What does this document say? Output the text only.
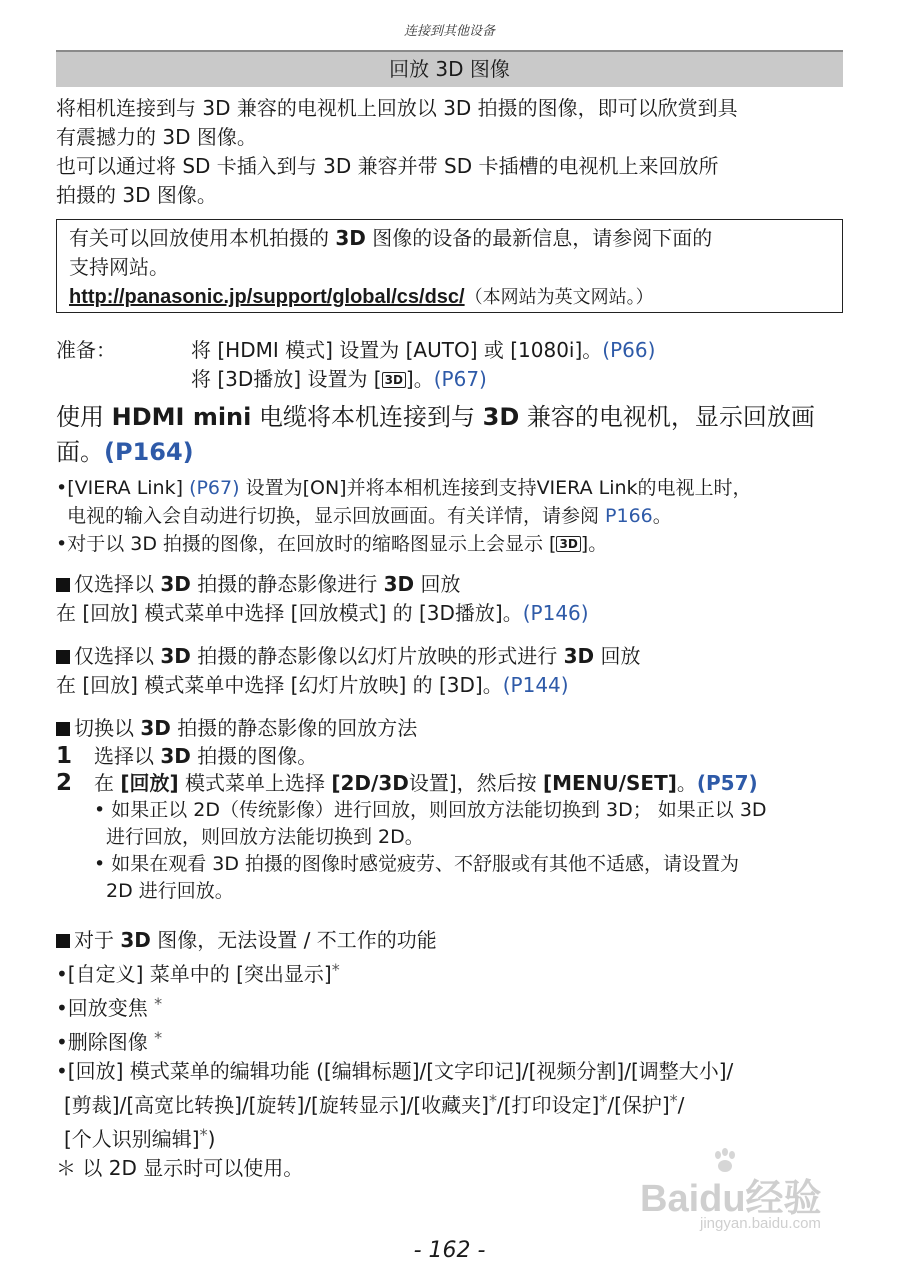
连接到其他设备
回放 3D 图像

将相机连接到与 3D 兼容的电视机上回放以 3D 拍摄的图像，即可以欣赏到具

有震撼力的 3D 图像。

也可以通过将 SD 卡插入到与 3D 兼容并带 SD 卡插槽的电视机上来回放所

拍摄的 3D 图像。

有关可以回放使用本机拍摄的 3D 图像的设备的最新信息，请参阅下面的
支持网站。
http://panasonic.jp/support/global/cs/dsc/（本网站为英文网站。）
准备：	将 [HDMI 模式] 设置为 [AUTO] 或 [1080i]。(P66)
将 [3D播放] 设置为 [ 3D ]。(P67)
使用 HDMI mini 电缆将本机连接到与 3D 兼容的电视机，显示回放画
面。(P164)

•[VIERA Link] (P67) 设置为[ON]并将本相机连接到支持VIERA Link的电视上时，
电视的输入会自动进行切换，显示回放画面。有关详情，请参阅 P166。

•对于以 3D 拍摄的图像，在回放时的缩略图显示上会显示 [ 3D ]。

仅选择以 3D 拍摄的静态影像进行 3D 回放

在 [回放] 模式菜单中选择 [回放模式] 的 [3D播放]。(P146)

仅选择以 3D 拍摄的静态影像以幻灯片放映的形式进行 3D 回放

在 [回放] 模式菜单中选择 [幻灯片放映] 的 [3D]。(P144)

切换以 3D 拍摄的静态影像的回放方法

1 选择以 3D 拍摄的图像。

2 在 [回放] 模式菜单上选择 [2D/3D设置]，然后按 [MENU/SET]。(P57)

• 如果正以 2D（传统影像）进行回放，则回放方法能切换到 3D； 如果正以 3D
进行回放，则回放方法能切换到 2D。

• 如果在观看 3D 拍摄的图像时感觉疲劳、不舒服或有其他不适感，请设置为
2D 进行回放。

对于 3D 图像，无法设置 / 不工作的功能

•[自定义] 菜单中的 [突出显示]*

•回放变焦 *

•删除图像 *

•[回放] 模式菜单的编辑功能 ([编辑标题]/[文字印记]/[视频分割]/[调整大小]/
[剪裁]/[高宽比转换]/[旋转]/[旋转显示]/[收藏夹]*/[打印设定]*/[保护]*/
[个人识别编辑]*)

＊ 以 2D 显示时可以使用。

Baidu经验
jingyan.baidu.com
- 162 -
